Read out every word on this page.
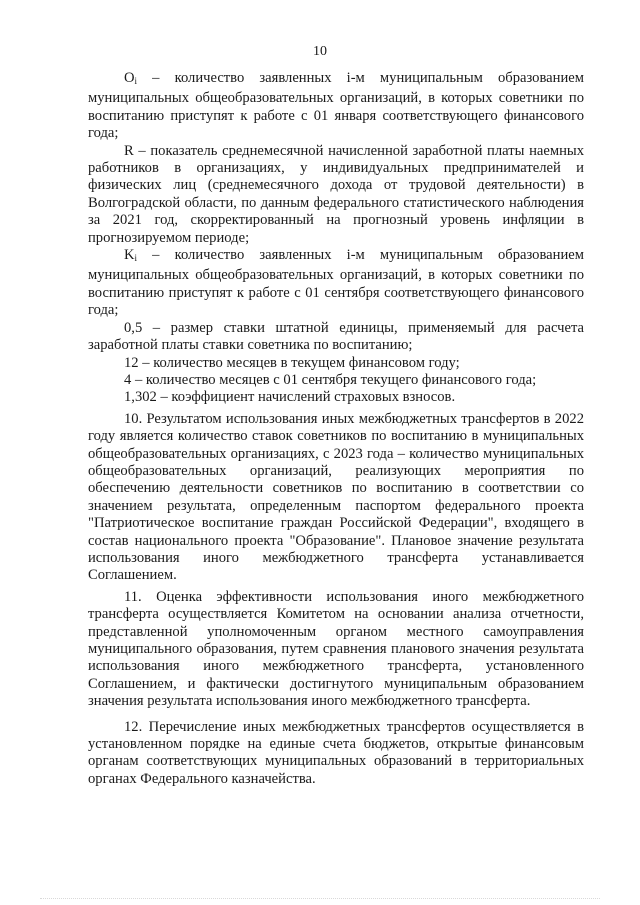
10

$O_i$ – количество заявленных i-м муниципальным образованием муниципальных общеобразовательных организаций, в которых советники по воспитанию приступят к работе с 01 января соответствующего финансового года;

R – показатель среднемесячной начисленной заработной платы наемных работников в организациях, у индивидуальных предпринимателей и физических лиц (среднемесячного дохода от трудовой деятельности) в Волгоградской области, по данным федерального статистического наблюдения за 2021 год, скорректированный на прогнозный уровень инфляции в прогнозируемом периоде;

$K_i$ – количество заявленных i-м муниципальным образованием муниципальных общеобразовательных организаций, в которых советники по воспитанию приступят к работе с 01 сентября соответствующего финансового года;

0,5 – размер ставки штатной единицы, применяемый для расчета заработной платы ставки советника по воспитанию;

12 – количество месяцев в текущем финансовом году;

4 – количество месяцев с 01 сентября текущего финансового года;

1,302 – коэффициент начислений страховых взносов.

10. Результатом использования иных межбюджетных трансфертов в 2022 году является количество ставок советников по воспитанию в муниципальных общеобразовательных организациях, с 2023 года – количество муниципальных общеобразовательных организаций, реализующих мероприятия по обеспечению деятельности советников по воспитанию в соответствии со значением результата, определенным паспортом федерального проекта "Патриотическое воспитание граждан Российской Федерации", входящего в состав национального проекта "Образование". Плановое значение результата использования иного межбюджетного трансферта устанавливается Соглашением.

11. Оценка эффективности использования иного межбюджетного трансферта осуществляется Комитетом на основании анализа отчетности, представленной уполномоченным органом местного самоуправления муниципального образования, путем сравнения планового значения результата использования иного межбюджетного трансферта, установленного Соглашением, и фактически достигнутого муниципальным образованием значения результата использования иного межбюджетного трансферта.

12. Перечисление иных межбюджетных трансфертов осуществляется в установленном порядке на единые счета бюджетов, открытые финансовым органам соответствующих муниципальных образований в территориальных органах Федерального казначейства.
